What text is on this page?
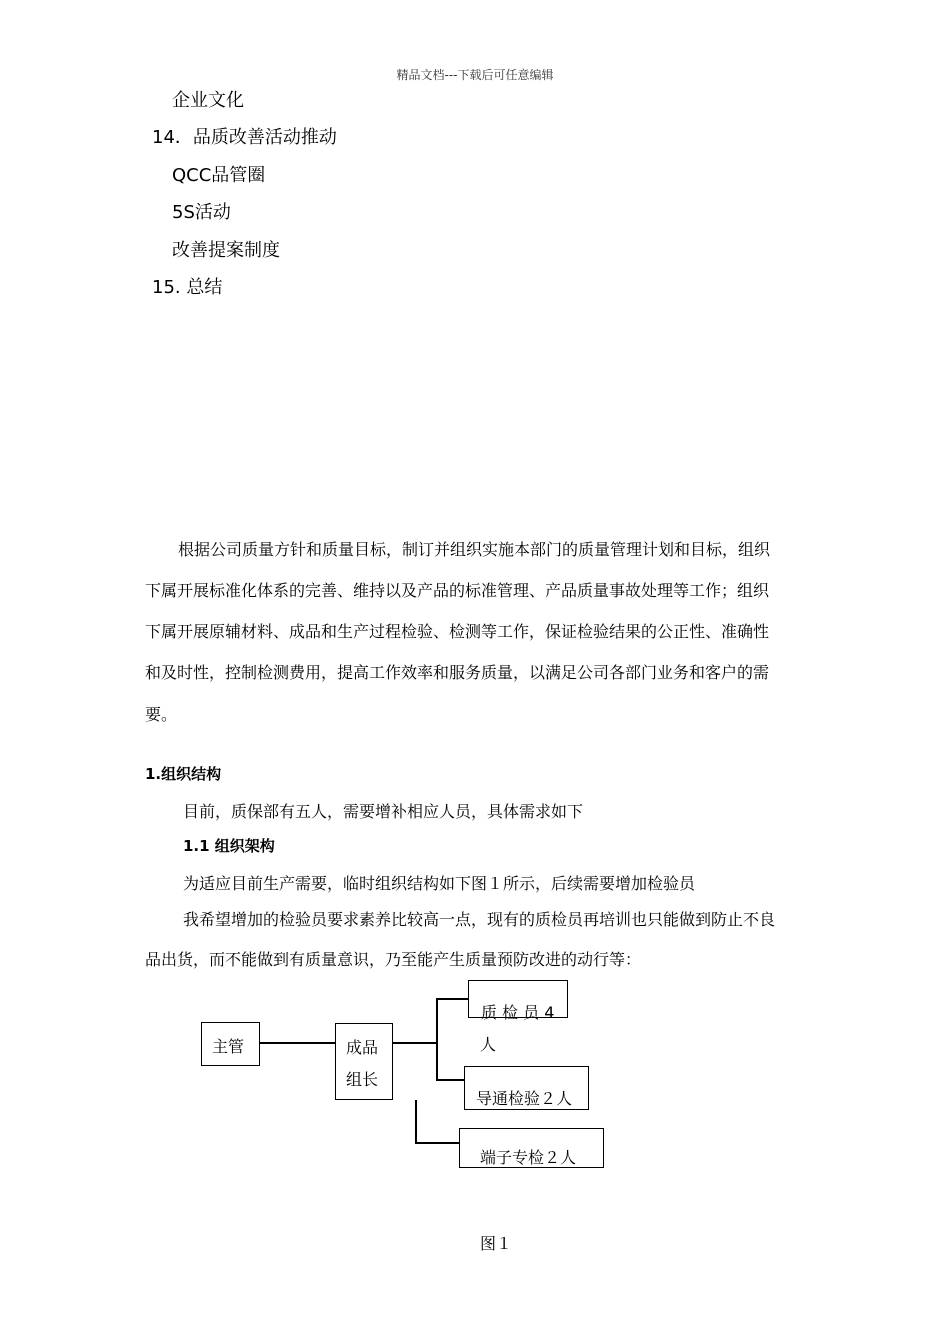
精品文档---下载后可任意编辑
企业文化
14．品质改善活动推动
QCC品管圈
5S活动
改善提案制度
15. 总结
根据公司质量方针和质量目标，制订并组织实施本部门的质量管理计划和目标，组织
下属开展标准化体系的完善、维持以及产品的标准管理、产品质量事故处理等工作；组织
下属开展原辅材料、成品和生产过程检验、检测等工作，保证检验结果的公正性、准确性
和及时性，控制检测费用，提高工作效率和服务质量，以满足公司各部门业务和客户的需
要。
1.组织结构
目前，质保部有五人，需要增补相应人员，具体需求如下
1.1 组织架构
为适应目前生产需要，临时组织结构如下图１所示，后续需要增加检验员
我希望增加的检验员要求素养比较高一点，现有的质检员再培训也只能做到防止不良
品出货，而不能做到有质量意识，乃至能产生质量预防改进的动行等：
主管	成品
组长
质 检 员 4
人
导通检验２人
端子专检２人
图１
